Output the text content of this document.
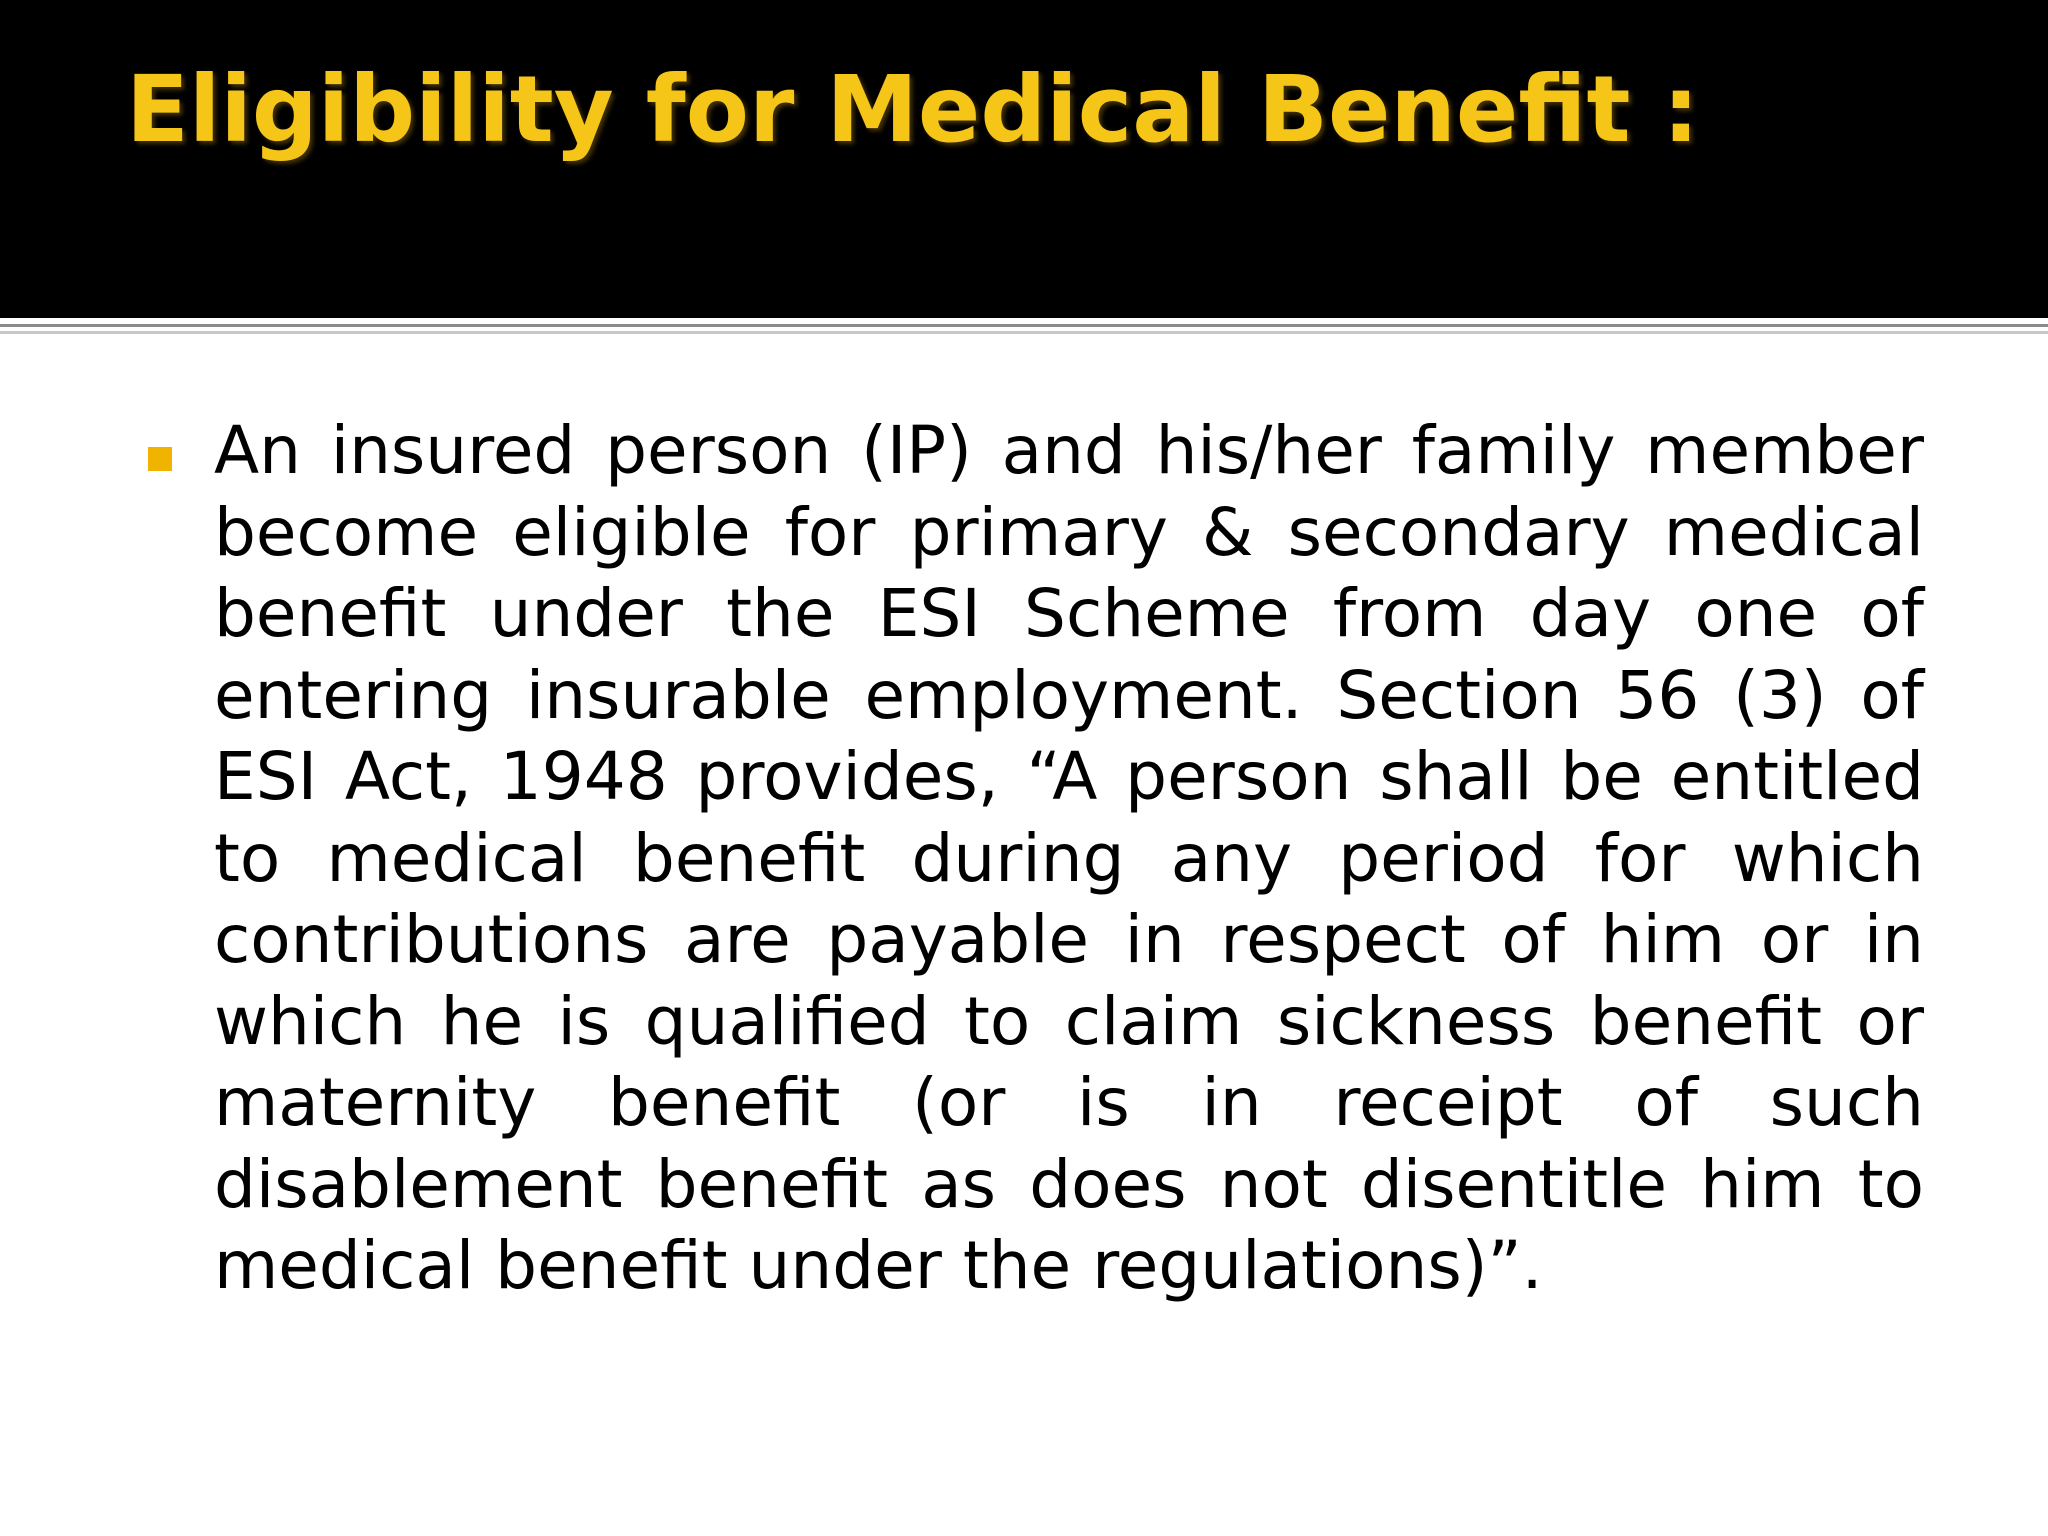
Eligibility for Medical Benefit :

An insured person (IP) and his/her family member become eligible for primary & secondary medical benefit under the ESI Scheme from day one of entering insurable employment. Section 56 (3) of ESI Act, 1948 provides, “A person shall be entitled to medical benefit during any period for which contributions are payable in respect of him or in which he is qualified to claim sickness benefit or maternity benefit (or is in receipt of such disablement benefit as does not disentitle him to medical benefit under the regulations)”.
